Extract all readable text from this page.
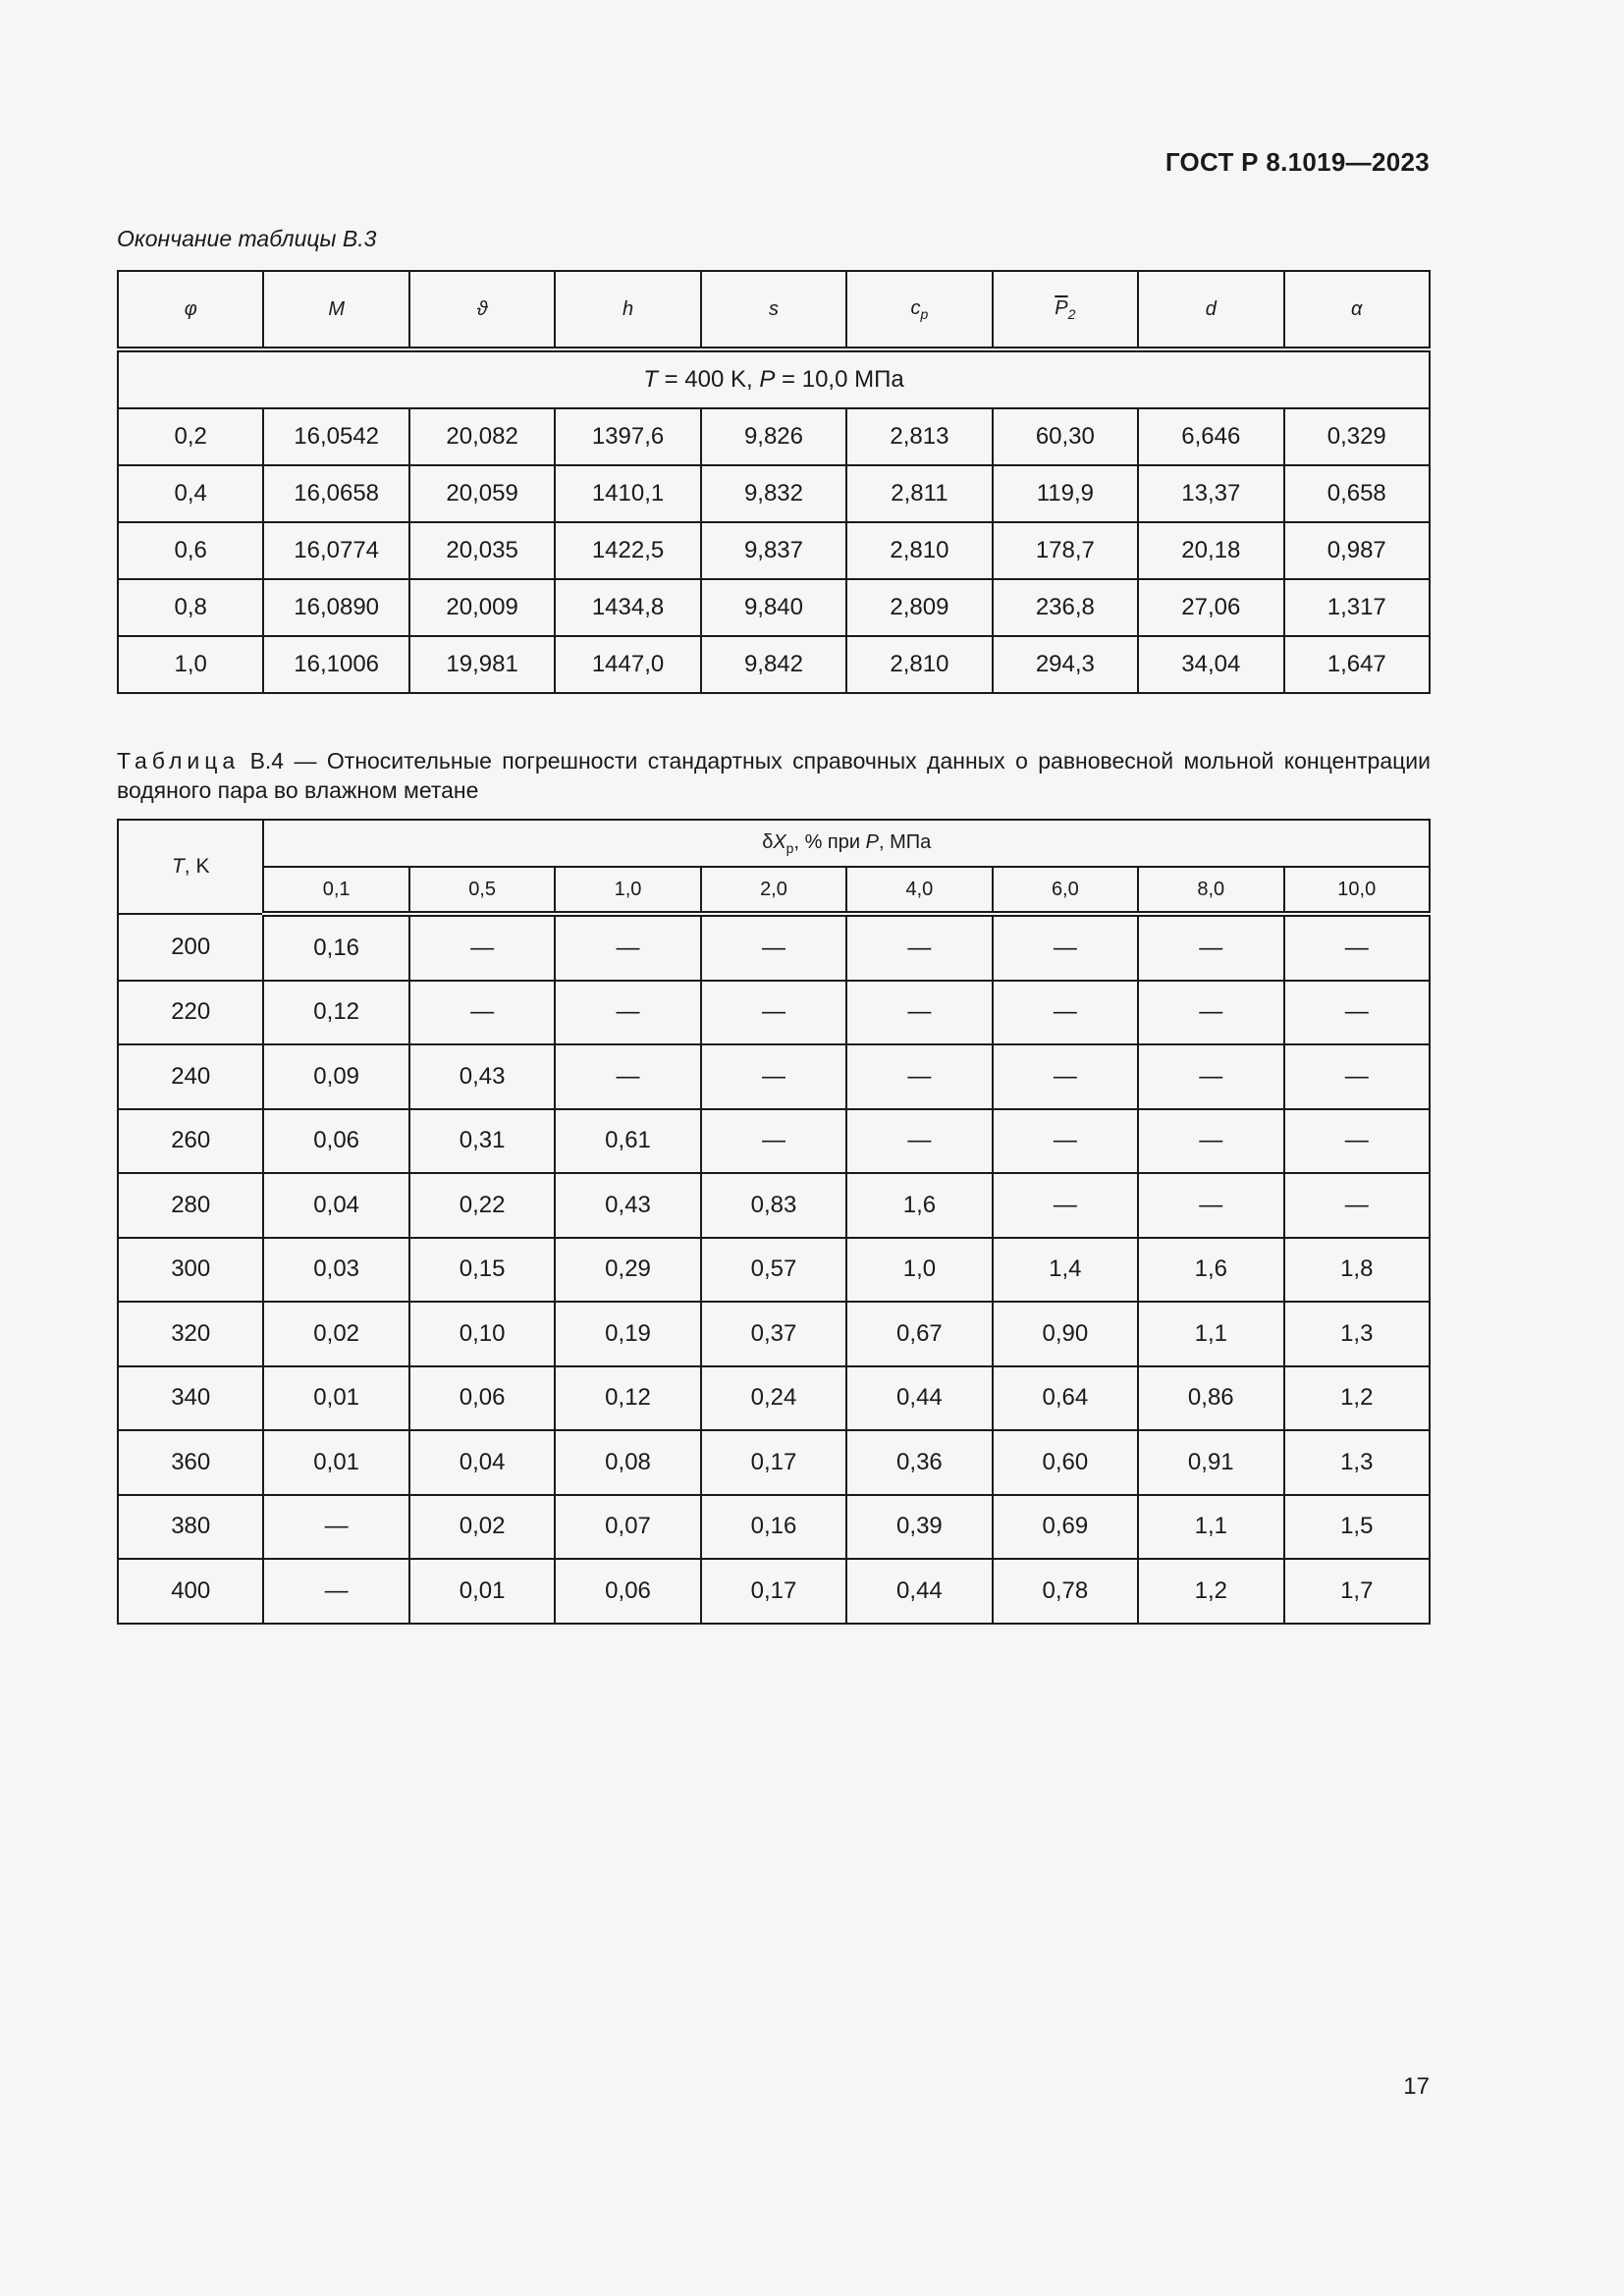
ГОСТ Р 8.1019—2023
Окончание таблицы В.3
φ	M	ϑ	h	s	$c_p$	$\overline{P}_2$	d	α
T = 400 K, P = 10,0 МПа								
0,2	16,0542	20,082	1397,6	9,826	2,813	60,30	6,646	0,329
0,4	16,0658	20,059	1410,1	9,832	2,811	119,9	13,37	0,658
0,6	16,0774	20,035	1422,5	9,837	2,810	178,7	20,18	0,987
0,8	16,0890	20,009	1434,8	9,840	2,809	236,8	27,06	1,317
1,0	16,1006	19,981	1447,0	9,842	2,810	294,3	34,04	1,647
Таблица В.4 — Относительные погрешности стандартных справочных данных о равновесной мольной концентрации водяного пара во влажном метане
T, K	$\delta X_p$, % при P, МПа							
	0,1	0,5	1,0	2,0	4,0	6,0	8,0	10,0
200	0,16	—	—	—	—	—	—	—
220	0,12	—	—	—	—	—	—	—
240	0,09	0,43	—	—	—	—	—	—
260	0,06	0,31	0,61	—	—	—	—	—
280	0,04	0,22	0,43	0,83	1,6	—	—	—
300	0,03	0,15	0,29	0,57	1,0	1,4	1,6	1,8
320	0,02	0,10	0,19	0,37	0,67	0,90	1,1	1,3
340	0,01	0,06	0,12	0,24	0,44	0,64	0,86	1,2
360	0,01	0,04	0,08	0,17	0,36	0,60	0,91	1,3
380	—	0,02	0,07	0,16	0,39	0,69	1,1	1,5
400	—	0,01	0,06	0,17	0,44	0,78	1,2	1,7
17
